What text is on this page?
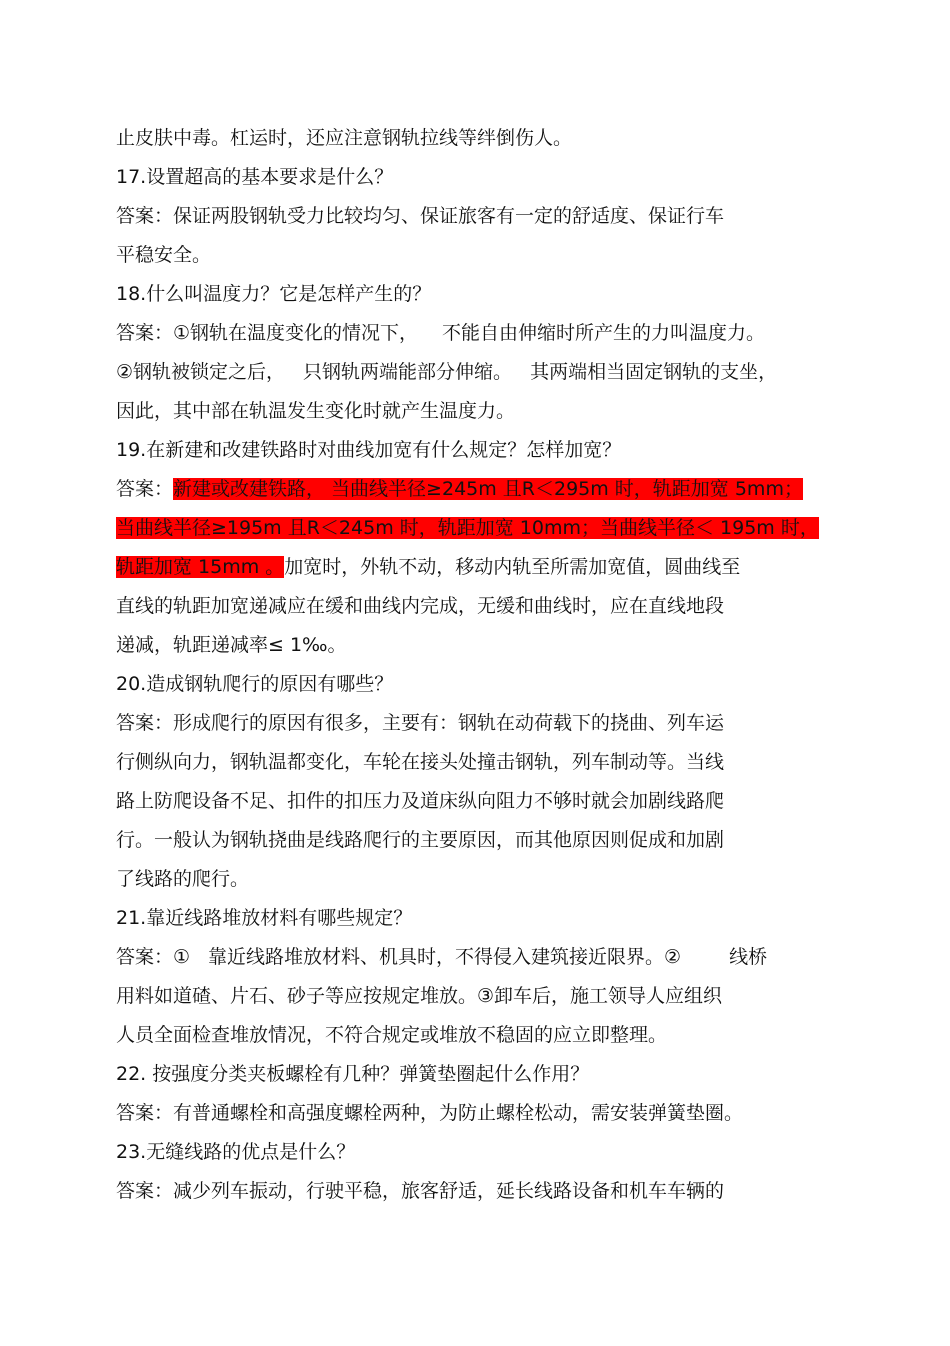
止皮肤中毒。杠运时，还应注意钢轨拉线等绊倒伤人。
17.设置超高的基本要求是什么？
答案：保证两股钢轨受力比较均匀、保证旅客有一定的舒适度、保证行车
平稳安全。
18.什么叫温度力？它是怎样产生的？
答案：①钢轨在温度变化的情况下， 不能自由伸缩时所产生的力叫温度力。
②钢轨被锁定之后， 只钢轨两端能部分伸缩。 其两端相当固定钢轨的支坐，
因此，其中部在轨温发生变化时就产生温度力。
19.在新建和改建铁路时对曲线加宽有什么规定？怎样加宽？
答案：新建或改建铁路， 当曲线半径≥245m 且R＜295m 时，轨距加宽 5mm；
当曲线半径≥195m 且R＜245m 时，轨距加宽 10mm；当曲线半径＜ 195m 时，
轨距加宽 15mm 。加宽时，外轨不动，移动内轨至所需加宽值，圆曲线至
直线的轨距加宽递减应在缓和曲线内完成，无缓和曲线时，应在直线地段
递减，轨距递减率≤ 1‰。
20.造成钢轨爬行的原因有哪些？
答案：形成爬行的原因有很多，主要有：钢轨在动荷载下的挠曲、列车运
行侧纵向力，钢轨温都变化，车轮在接头处撞击钢轨，列车制动等。当线
路上防爬设备不足、扣件的扣压力及道床纵向阻力不够时就会加剧线路爬
行。一般认为钢轨挠曲是线路爬行的主要原因，而其他原因则促成和加剧
了线路的爬行。
21.靠近线路堆放材料有哪些规定？
答案：① 靠近线路堆放材料、机具时，不得侵入建筑接近限界。②	线桥
用料如道碴、片石、砂子等应按规定堆放。③卸车后，施工领导人应组织
人员全面检查堆放情况，不符合规定或堆放不稳固的应立即整理。
22. 按强度分类夹板螺栓有几种？弹簧垫圈起什么作用？
答案：有普通螺栓和高强度螺栓两种，为防止螺栓松动，需安装弹簧垫圈。
23.无缝线路的优点是什么？
答案：减少列车振动，行驶平稳，旅客舒适，延长线路设备和机车车辆的
